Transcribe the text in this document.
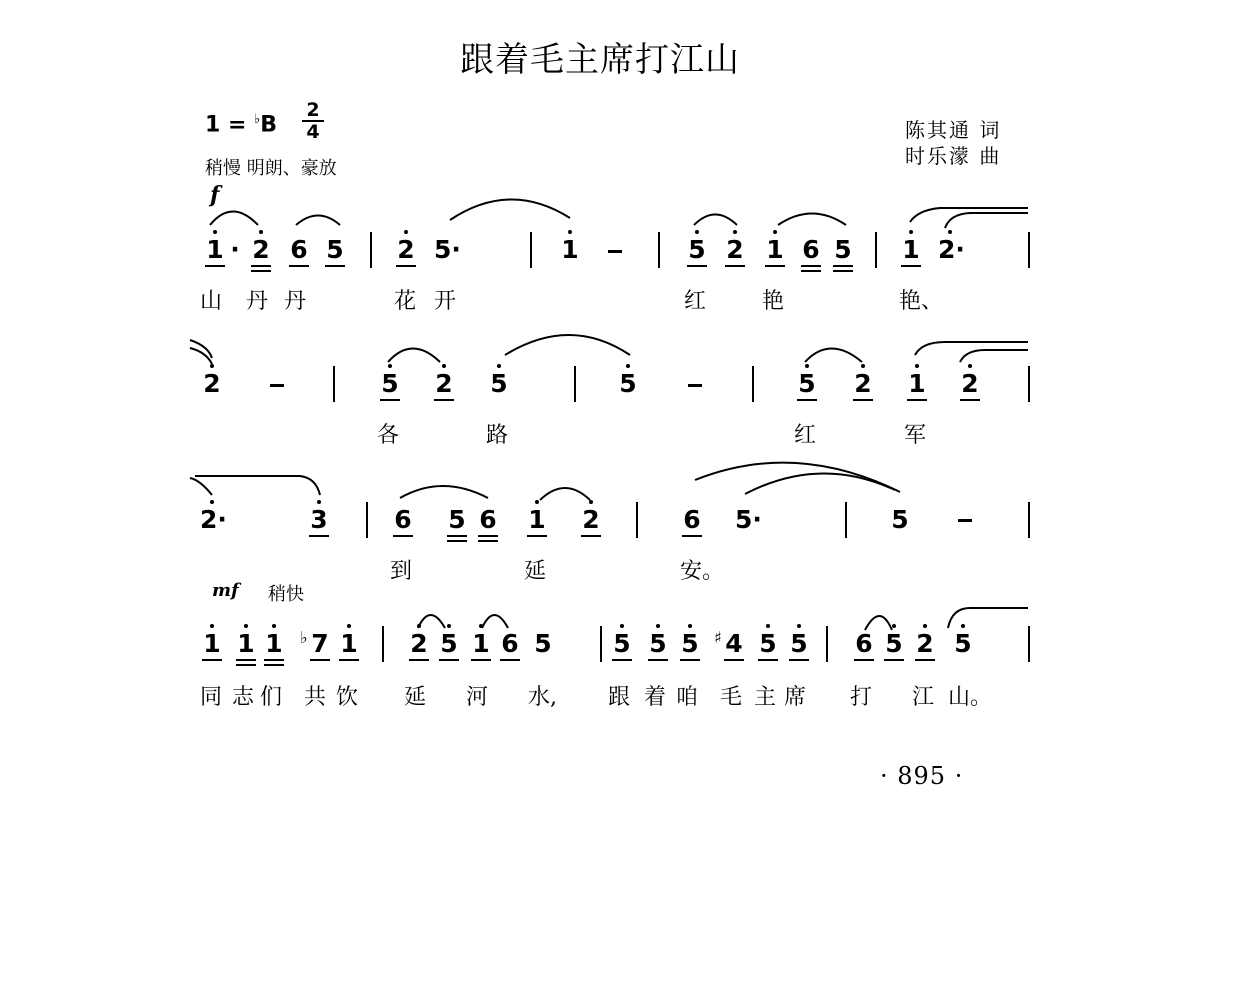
跟着毛主席打江山
$1 = ^♭B \frac{2}{4}$
稍慢 明朗、豪放
陈其通 词
时乐濛 曲
f
1 · 2 6 5 2 5·	1	5 2 1 6 5 1 2·
山 丹 丹	花 开	红	艳	艳、
2	5 2 5	5	5 2 1 2
各	路	红	军
2·	3	6 5 6 1 2	6 5·	5
到	延	安。
mf 稍快
1 1 1 ♭ 7 1 2 5 1 6 5 5 5 5 ♯ 4 5 5 6 5 2 5
同 志 们 共 饮 延 河 水, 跟 着 咱 毛 主 席 打 江 山。
· 895 ·
